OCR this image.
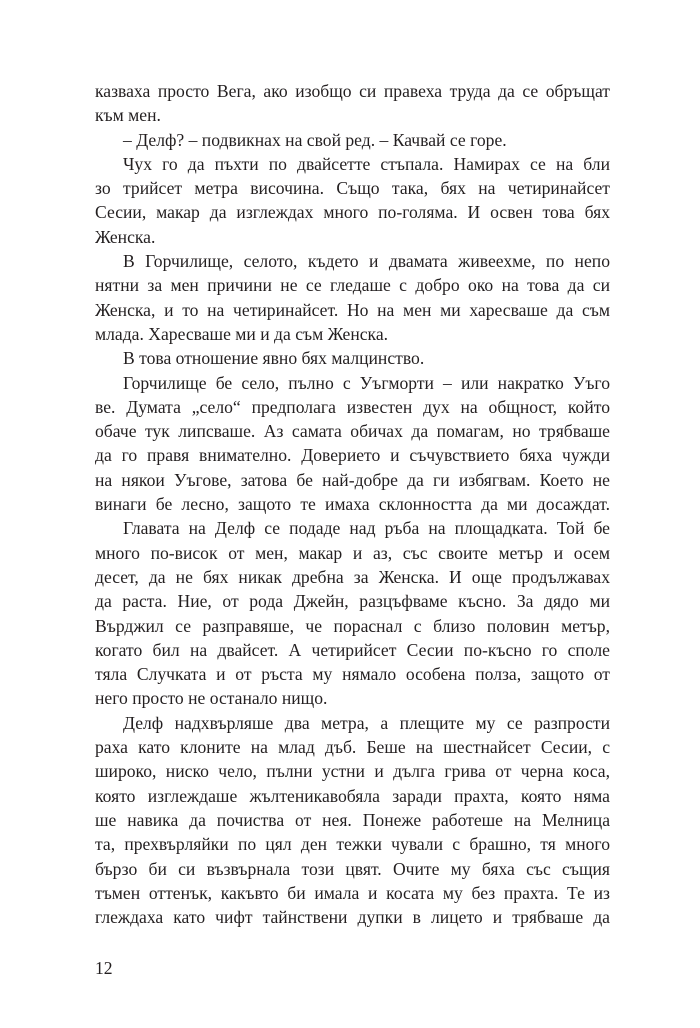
казваха просто Вега, ако изобщо си правеха труда да се обръщат
към мен.
– Делф? – подвикнах на свой ред. – Качвай се горе.
Чух го да пъхти по двайсетте стъпала. Намирах се на бли
зо трийсет метра височина. Също така, бях на четиринайсет
Сесии, макар да изглеждах много по-голяма. И освен това бях
Женска.
В Горчилище, селото, където и двамата живеехме, по непо
нятни за мен причини не се гледаше с добро око на това да си
Женска, и то на четиринайсет. Но на мен ми харесваше да съм
млада. Харесваше ми и да съм Женска.
В това отношение явно бях малцинство.
Горчилище бе село, пълно с Уъгморти – или накратко Уъго
ве. Думата „село“ предполага известен дух на общност, който
обаче тук липсваше. Аз самата обичах да помагам, но трябваше
да го правя внимателно. Доверието и съчувствието бяха чужди
на някои Уъгове, затова бе най-добре да ги избягвам. Което не
винаги бе лесно, защото те имаха склонността да ми досаждат.
Главата на Делф се подаде над ръба на площадката. Той бе
много по-висок от мен, макар и аз, със своите метър и осем
десет, да не бях никак дребна за Женска. И още продължавах
да раста. Ние, от рода Джейн, разцъфваме късно. За дядо ми
Върджил се разправяше, че пораснал с близо половин метър,
когато бил на двайсет. А четирийсет Сесии по-късно го споле
тяла Случката и от ръста му нямало особена полза, защото от
него просто не останало нищо.
Делф надхвърляше два метра, а плещите му се разпрости
раха като клоните на млад дъб. Беше на шестнайсет Сесии, с
широко, ниско чело, пълни устни и дълга грива от черна коса,
която изглеждаше жълтеникавобяла заради прахта, която няма
ше навика да почиства от нея. Понеже работеше на Мелница
та, прехвърляйки по цял ден тежки чували с брашно, тя много
бързо би си възвърнала този цвят. Очите му бяха със същия
тъмен оттенък, какъвто би имала и косата му без прахта. Те из
глеждаха като чифт тайнствени дупки в лицето и трябваше да
12
